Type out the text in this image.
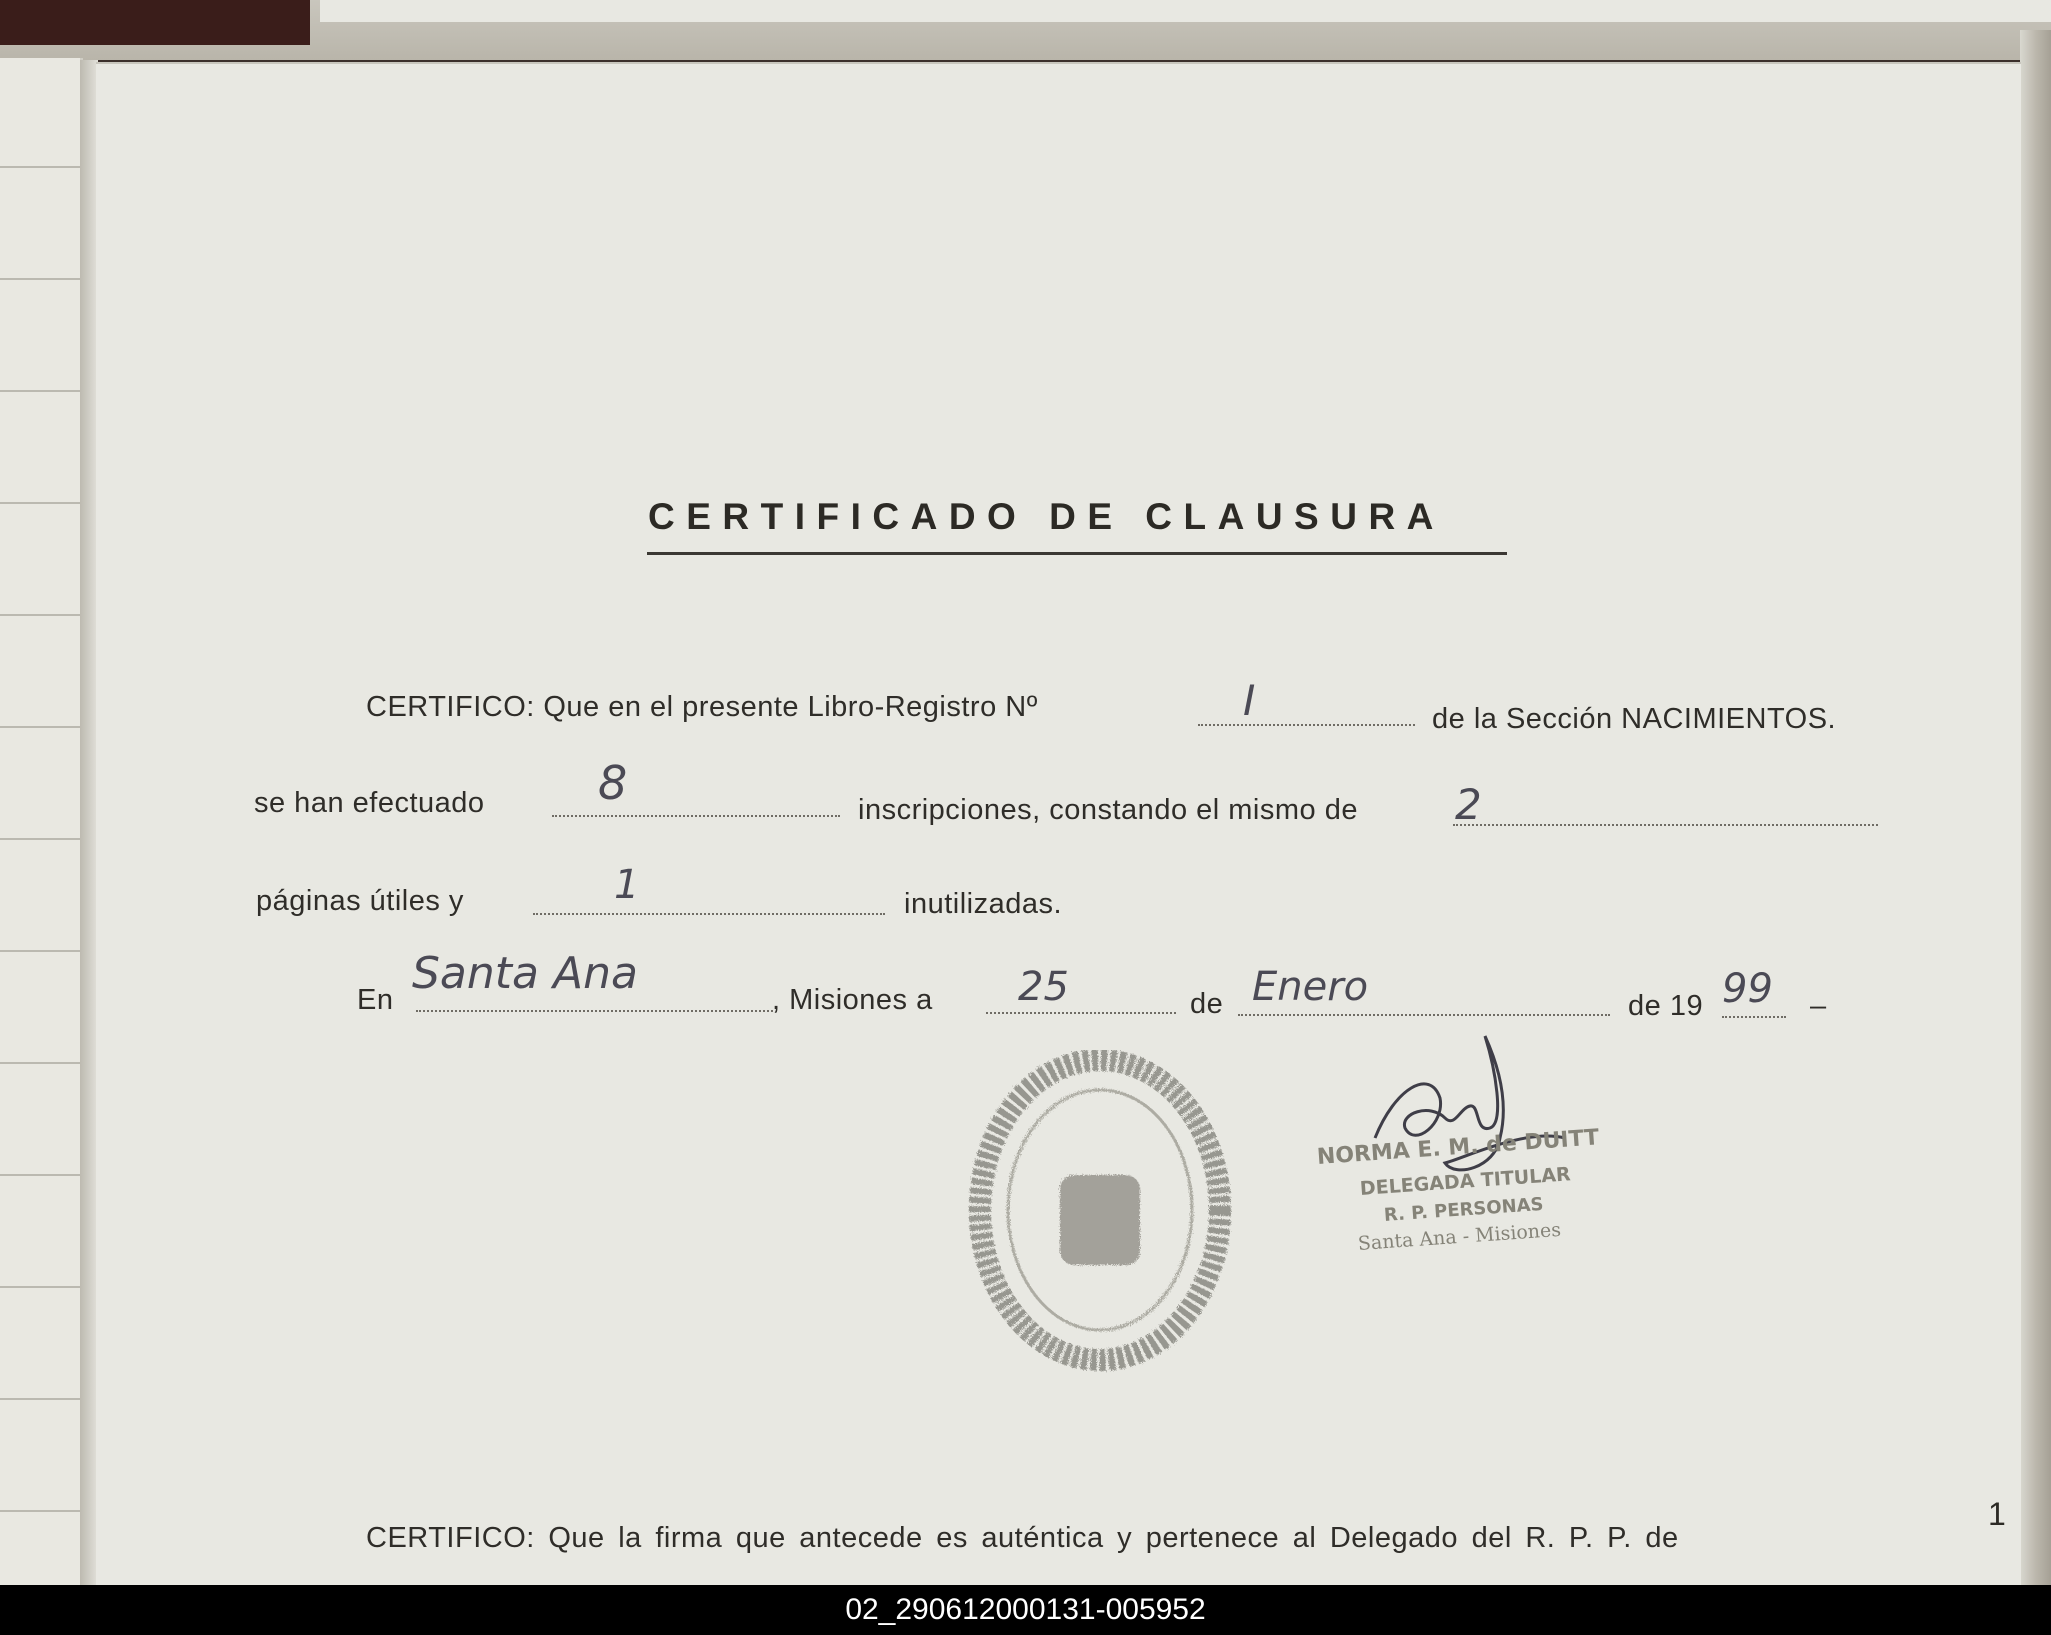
CERTIFICADO DE CLAUSURA
CERTIFICO: Que en el presente Libro-Registro Nº	I	de la Sección NACIMIENTOS.
se han efectuado 8	inscripciones, constando el mismo de 2
páginas útiles y	1	inutilizadas.
En
Santa Ana
, Misiones a 25	de Enero	de 19 99 –
NORMA E. M. de DUITT
DELEGADA TITULAR
R. P. PERSONAS
Santa Ana - Misiones
CERTIFICO: Que la firma que antecede es auténtica y pertenece al Delegado del R. P. P. de
1
02_290612000131-005952
